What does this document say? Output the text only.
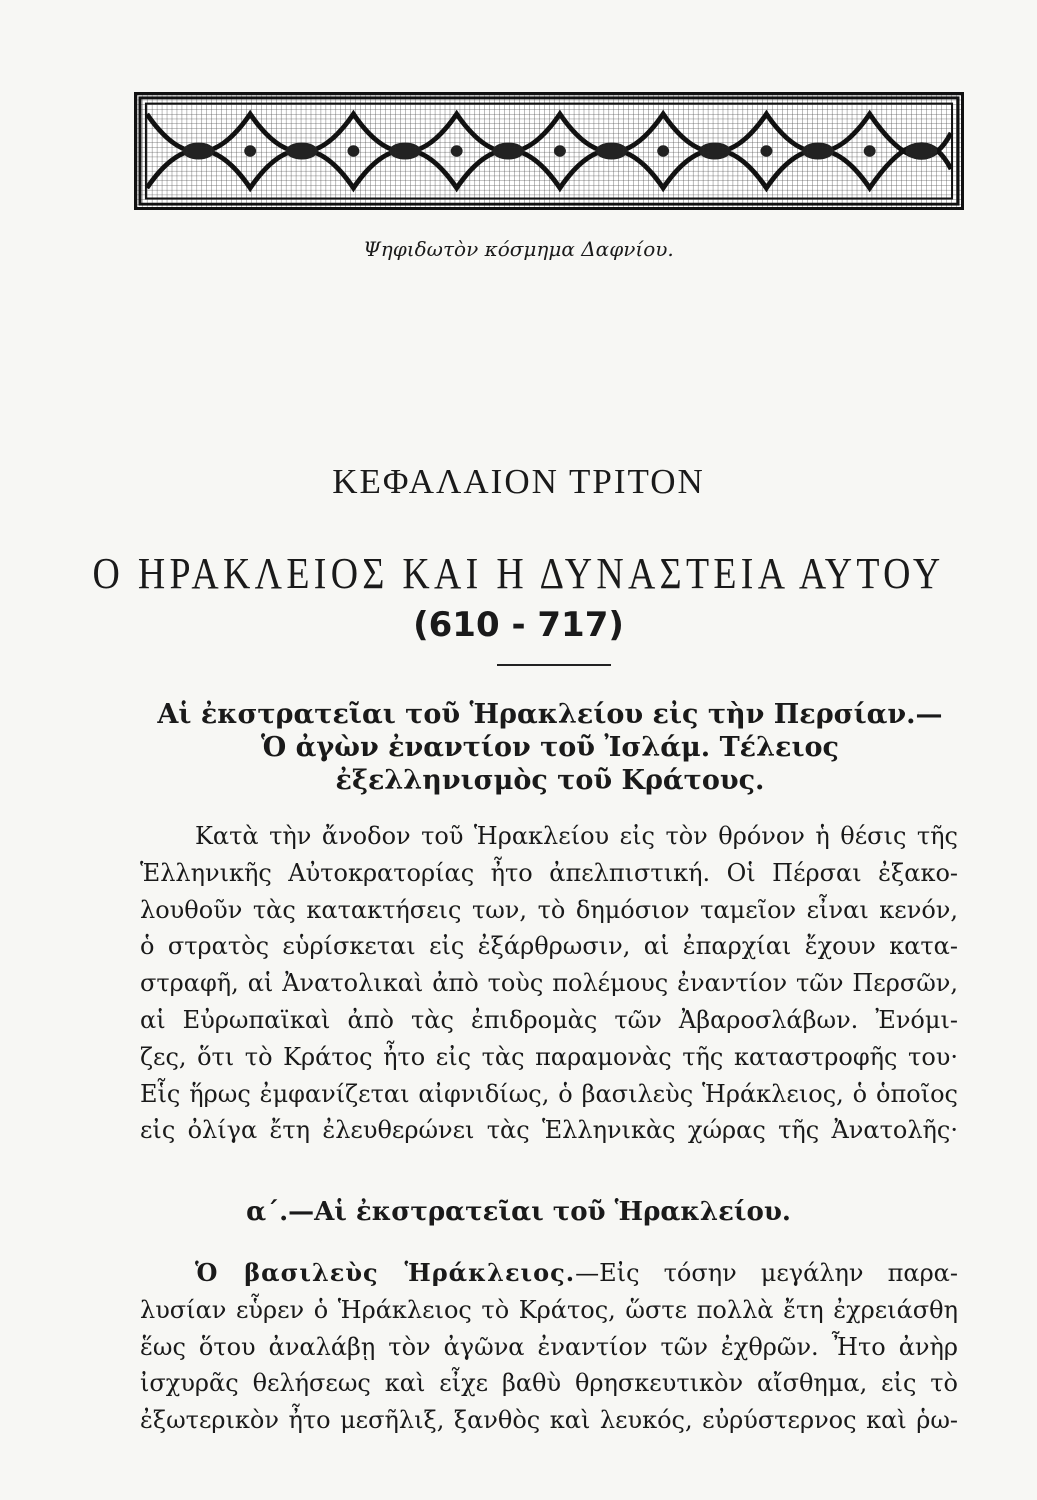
Ψηφιδωτὸν κόσμημα Δαφνίου.
ΚΕΦΑΛΑΙΟΝ ΤΡΙΤΟΝ
Ο ΗΡΑΚΛΕΙΟΣ ΚΑΙ Η ΔΥΝΑΣΤΕΙΑ ΑΥΤΟΥ
(610 - 717)
Αἱ ἐκστρατεῖαι τοῦ Ἡρακλείου εἰς τὴν Περσίαν.—
Ὁ ἀγὼν ἐναντίον τοῦ Ἰσλάμ. Τέλειος
ἐξελληνισμὸς τοῦ Κράτους.
Κατὰ τὴν ἄνοδον τοῦ Ἡρακλείου εἰς τὸν θρόνον ἡ θέσις τῆς
Ἑλληνικῆς Αὐτοκρατορίας ἦτο ἀπελπιστική. Οἱ Πέρσαι ἐξακο-
λουθοῦν τὰς κατακτήσεις των, τὸ δημόσιον ταμεῖον εἶναι κενόν,
ὁ στρατὸς εὑρίσκεται εἰς ἐξάρθρωσιν, αἱ ἐπαρχίαι ἔχουν κατα-
στραφῆ, αἱ Ἀνατολικαὶ ἀπὸ τοὺς πολέμους ἐναντίον τῶν Περσῶν,
αἱ Εὐρωπαϊκαὶ ἀπὸ τὰς ἐπιδρομὰς τῶν Ἀβαροσλάβων. Ἐνόμι-
ζες, ὅτι τὸ Κράτος ἦτο εἰς τὰς παραμονὰς τῆς καταστροφῆς του·
Εἷς ἥρως ἐμφανίζεται αἰφνιδίως, ὁ βασιλεὺς Ἡράκλειος, ὁ ὁποῖος
εἰς ὀλίγα ἔτη ἐλευθερώνει τὰς Ἑλληνικὰς χώρας τῆς Ἀνατολῆς·
α΄.—Αἱ ἐκστρατεῖαι τοῦ Ἡρακλείου.
Ὁ βασιλεὺς Ἡράκλειος.—Εἰς τόσην μεγάλην παρα-
λυσίαν εὗρεν ὁ Ἡράκλειος τὸ Κράτος, ὥστε πολλὰ ἔτη ἐχρειάσθη
ἕως ὅτου ἀναλάβῃ τὸν ἀγῶνα ἐναντίον τῶν ἐχθρῶν. Ἦτο ἀνὴρ
ἰσχυρᾶς θελήσεως καὶ εἶχε βαθὺ θρησκευτικὸν αἴσθημα, εἰς τὸ
ἐξωτερικὸν ἦτο μεσῆλιξ, ξανθὸς καὶ λευκός, εὐρύστερνος καὶ ῥω-
